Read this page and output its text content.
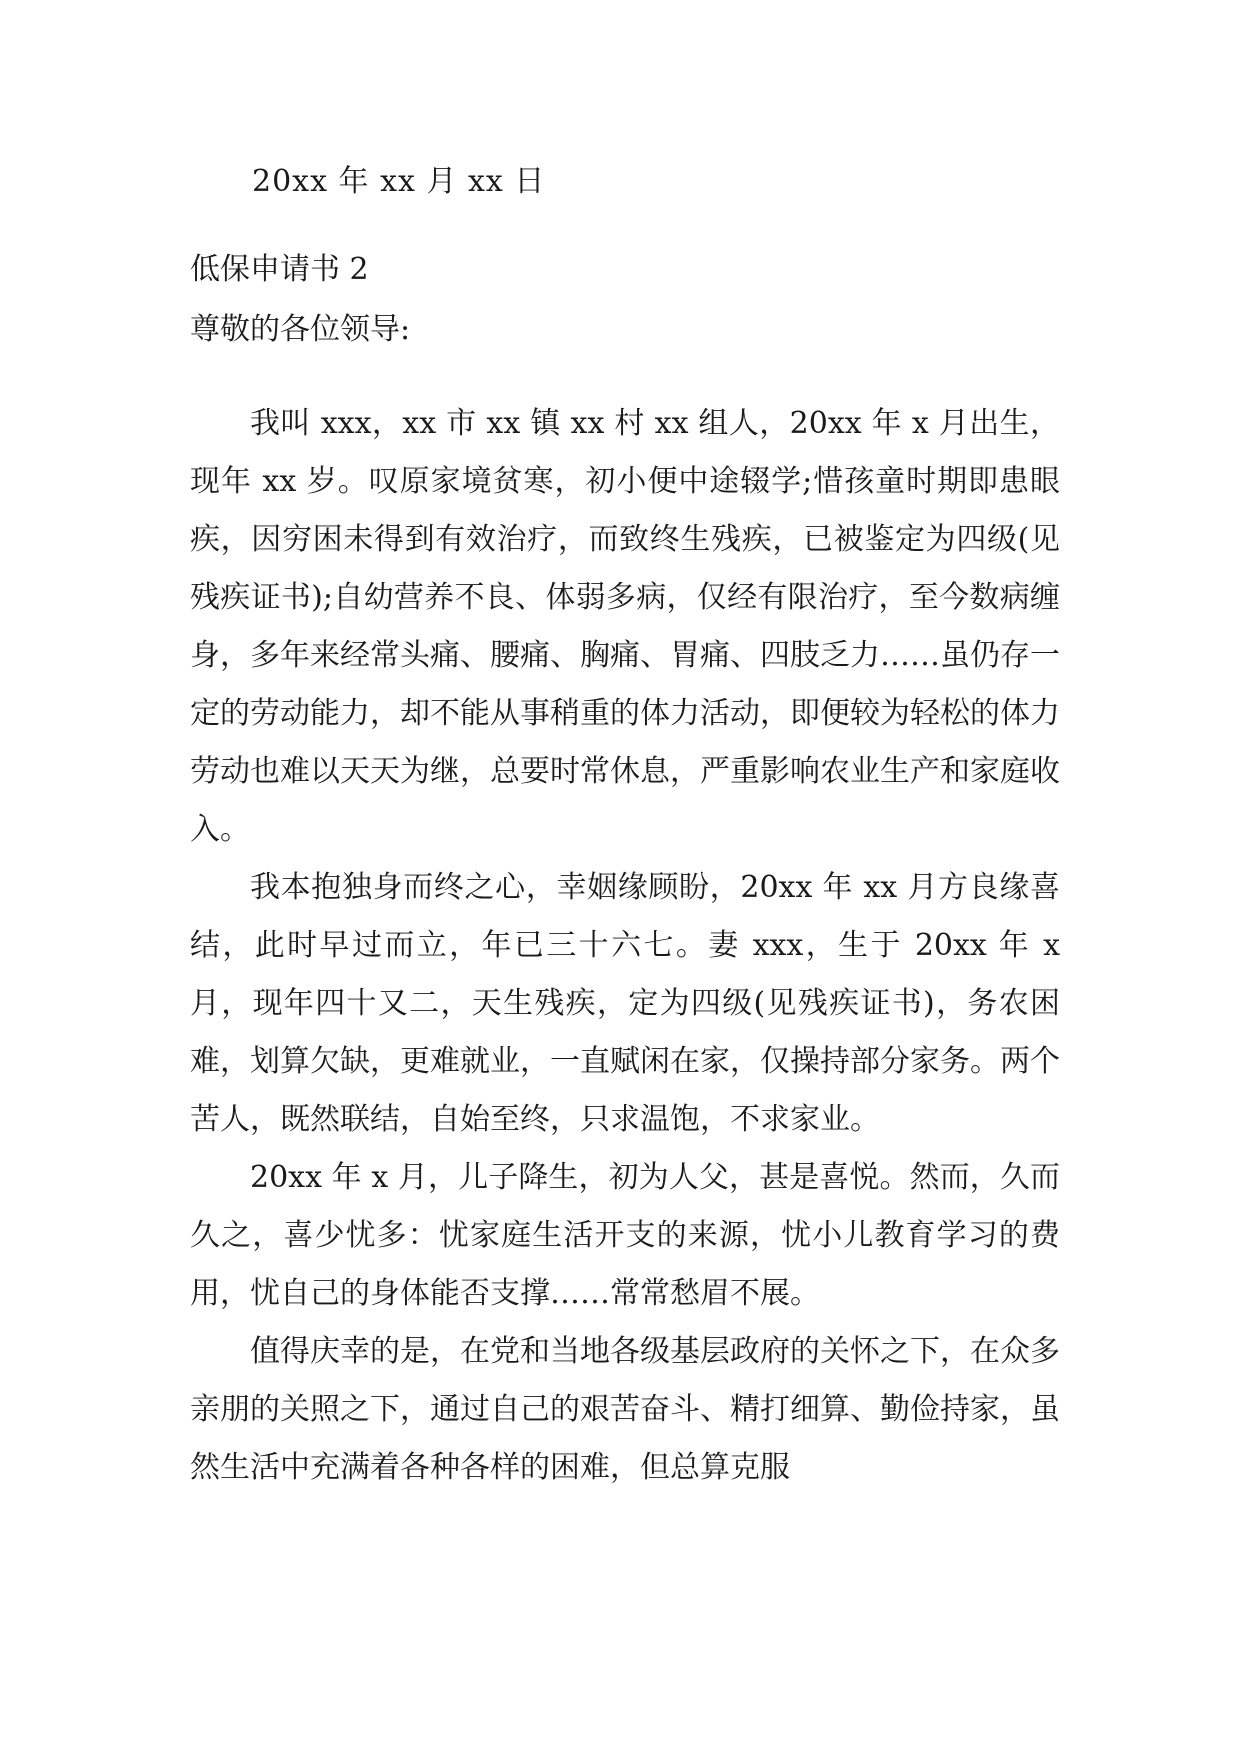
20xx 年 xx 月 xx 日
低保申请书 2
尊敬的各位领导:

我叫 xxx，xx 市 xx 镇 xx 村 xx 组人，20xx 年 x 月出生，现年 xx 岁。叹原家境贫寒，初小便中途辍学;惜孩童时期即患眼疾，因穷困未得到有效治疗，而致终生残疾，已被鉴定为四级(见残疾证书);自幼营养不良、体弱多病，仅经有限治疗，至今数病缠身，多年来经常头痛、腰痛、胸痛、胃痛、四肢乏力……虽仍存一定的劳动能力，却不能从事稍重的体力活动，即便较为轻松的体力劳动也难以天天为继，总要时常休息，严重影响农业生产和家庭收入。

我本抱独身而终之心，幸姻缘顾盼，20xx 年 xx 月方良缘喜结，此时早过而立，年已三十六七。妻 xxx，生于 20xx 年 x 月，现年四十又二，天生残疾，定为四级(见残疾证书)，务农困难，划算欠缺，更难就业，一直赋闲在家，仅操持部分家务。两个苦人，既然联结，自始至终，只求温饱，不求家业。

20xx 年 x 月，儿子降生，初为人父，甚是喜悦。然而，久而久之，喜少忧多：忧家庭生活开支的来源，忧小儿教育学习的费用，忧自己的身体能否支撑……常常愁眉不展。

值得庆幸的是，在党和当地各级基层政府的关怀之下，在众多亲朋的关照之下，通过自己的艰苦奋斗、精打细算、勤俭持家，虽然生活中充满着各种各样的困难，但总算克服
